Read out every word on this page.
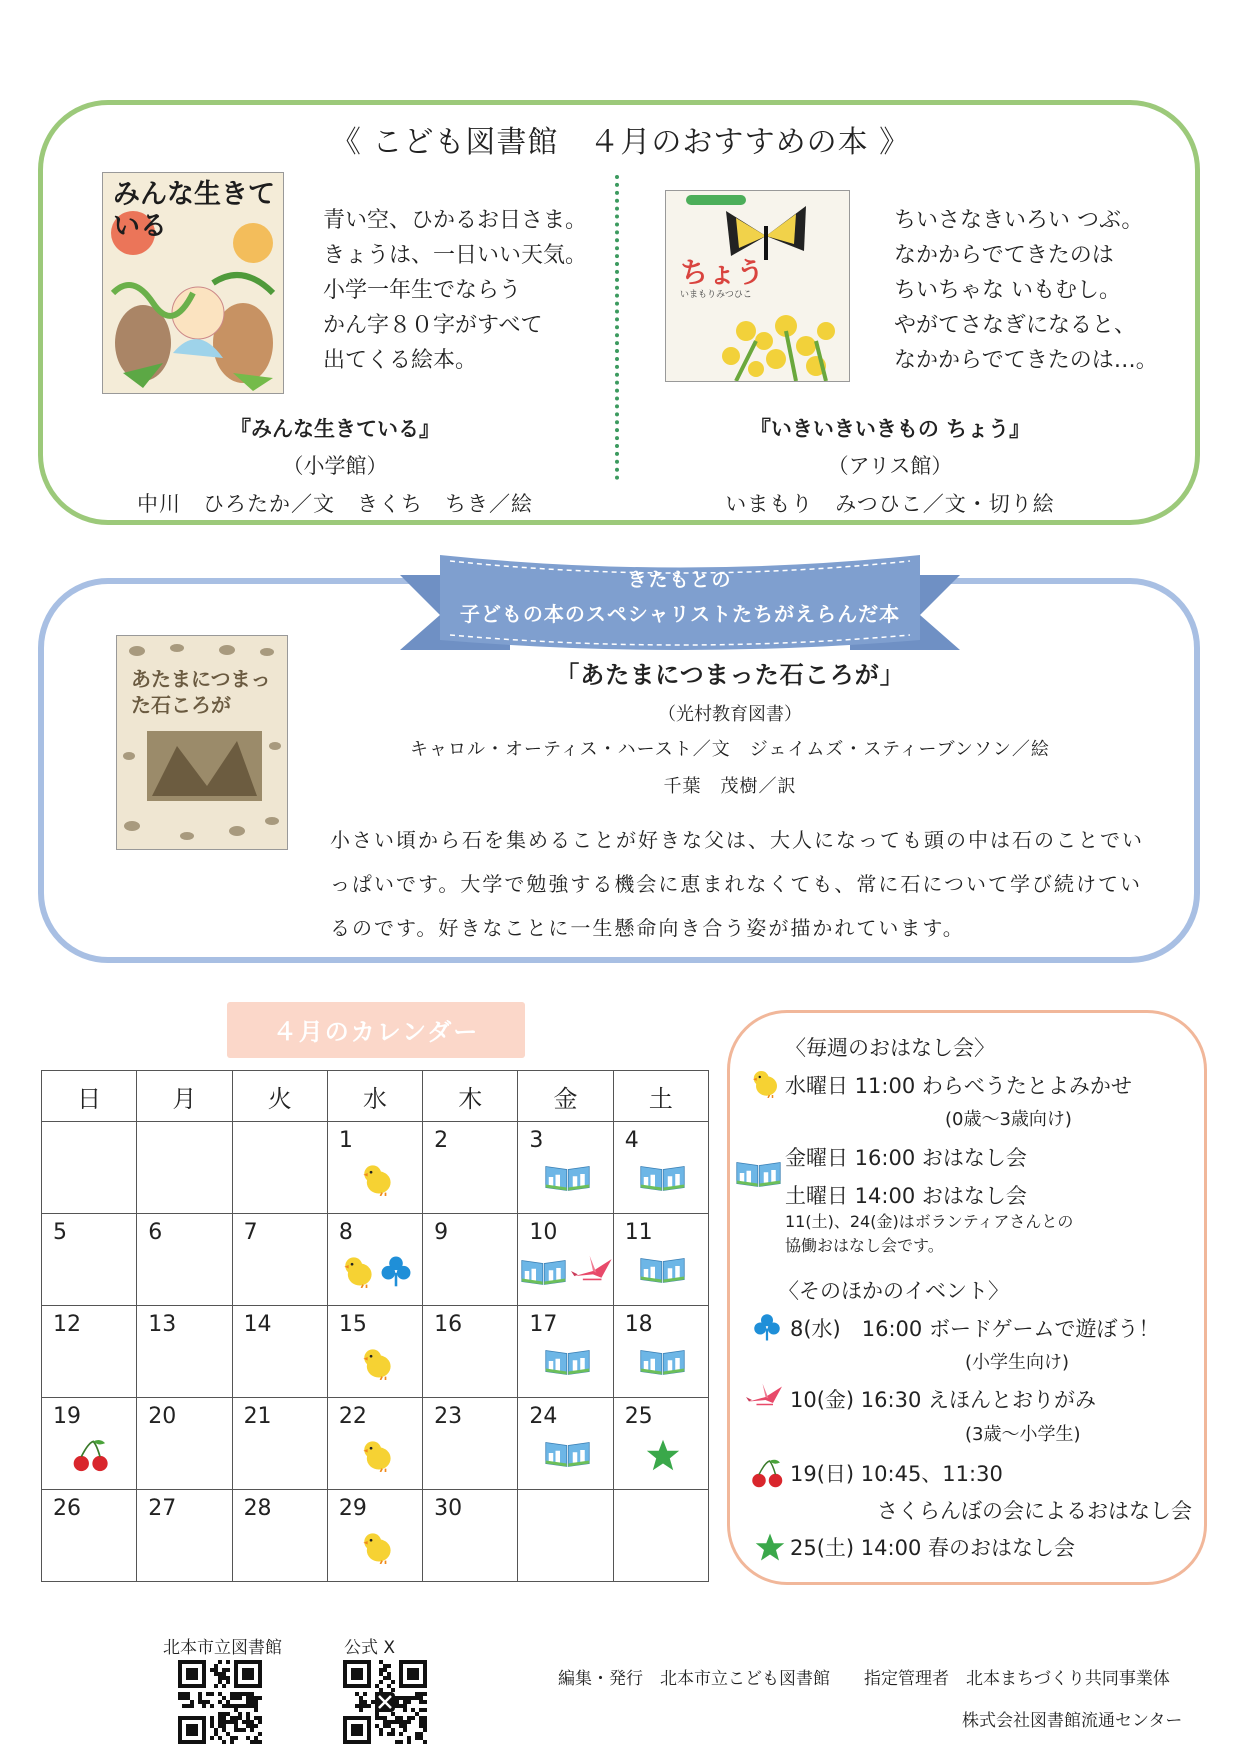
《 こども図書館　４月のおすすめの本 》
みんな生きている	青い空、ひかるお日さま。
きょうは、一日いい天気。
小学一年生でならう
かん字８０字がすべて
出てくる絵本。
『みんな生きている』
（小学館）
中川　ひろたか／文　きくち　ちき／絵
ちょう
いまもりみつひこ
ちいさなきいろい つぶ。
なかからでてきたのは
ちいちゃな いもむし。
やがてさなぎになると、
なかからでてきたのは…。
『いきいきいきもの ちょう』
（アリス館）
いまもり　みつひこ／文・切り絵
きたもとの
子どもの本のスペシャリストたちがえらんだ本
あたまにつまった石ころが
「あたまにつまった石ころが」
（光村教育図書）
キャロル・オーティス・ハースト／文　ジェイムズ・スティーブンソン／絵
千葉　茂樹／訳
小さい頃から石を集めることが好きな父は、大人になっても頭の中は石のことでいっぱいです。大学で勉強する機会に恵まれなくても、常に石について学び続けているのです。好きなことに一生懸命向き合う姿が描かれています。
４月のカレンダー
日	月	火	水	木	金	土

			1	2	3	4

5	6	7	8	9	10	11

12	13	14	15	16	17	18

19	20	21	22	23	24	25

26	27	28	29	30		

〈毎週のおはなし会〉
水曜日 11:00 わらべうたとよみかせ
(0歳～3歳向け)
金曜日 16:00 おはなし会
土曜日 14:00 おはなし会
11(土)、24(金)はボランティアさんとの
協働おはなし会です。
〈そのほかのイベント〉
8(水)　16:00 ボードゲームで遊ぼう！
(小学生向け)
10(金) 16:30 えほんとおりがみ
(3歳～小学生)
19(日) 10:45、11:30
さくらんぼの会によるおはなし会
25(土) 14:00 春のおはなし会
北本市立図書館	公式 X
編集・発行　北本市立こども図書館　　指定管理者　北本まちづくり共同事業体
株式会社図書館流通センター
